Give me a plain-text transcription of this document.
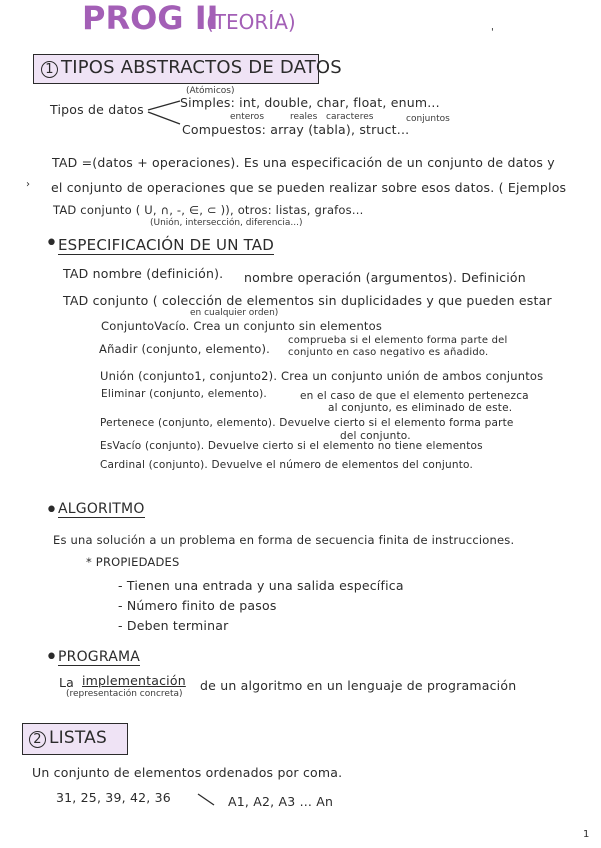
PROG II
(TEORÍA)	'
1 TIPOS ABSTRACTOS DE DATOS
Tipos de datos
(Atómicos)
Simples: int, double, char, float, enum...
enteros	reales caracteres	conjuntos
Compuestos: array (tabla), struct...
TAD =(datos + operaciones). Es una especificación de un conjunto de datos y
› el conjunto de operaciones que se pueden realizar sobre esos datos. ( Ejemplos
TAD conjunto ( U, ∩, -, ∈, ⊂ )), otros: listas, grafos...
(Unión, intersección, diferencia...)
• ESPECIFICACIÓN DE UN TAD
TAD nombre (definición). nombre operación (argumentos). Definición
TAD conjunto ( colección de elementos sin duplicidades y que pueden estar
en cualquier orden)
ConjuntoVacío. Crea un conjunto sin elementos
Añadir (conjunto, elemento).
comprueba si el elemento forma parte del
conjunto en caso negativo es añadido.
Unión (conjunto1, conjunto2). Crea un conjunto unión de ambos conjuntos
Eliminar (conjunto, elemento).	en el caso de que el elemento pertenezca
al conjunto, es eliminado de este.
Pertenece (conjunto, elemento). Devuelve cierto si el elemento forma parte
del conjunto.
EsVacío (conjunto). Devuelve cierto si el elemento no tiene elementos
Cardinal (conjunto). Devuelve el número de elementos del conjunto.
• ALGORITMO
Es una solución a un problema en forma de secuencia finita de instrucciones.
* PROPIEDADES
- Tienen una entrada y una salida específica
- Número finito de pasos
- Deben terminar
• PROGRAMA
La implementación de un algoritmo en un lenguaje de programación
(representación concreta)
2 LISTAS
Un conjunto de elementos ordenados por coma.
31, 25, 39, 42, 36	A1, A2, A3 ... An
1
